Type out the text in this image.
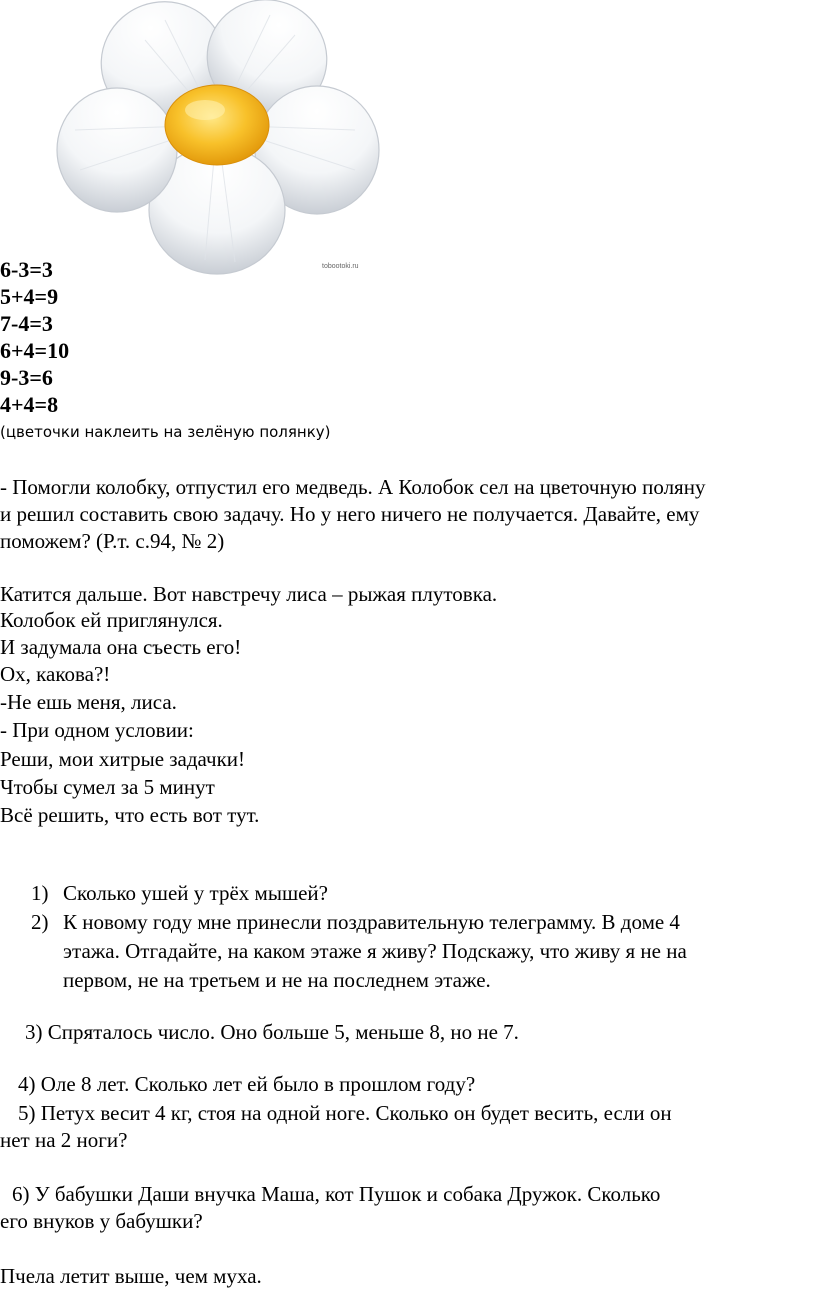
tobootoki.ru
6-3=3
5+4=9
7-4=3
6+4=10
9-3=6
4+4=8
(цветочки наклеить на зелёную полянку)
- Помогли колобку, отпустил его медведь. А Колобок сел на цветочную поляну
и решил составить свою задачу. Но у него ничего не получается. Давайте, ему
поможем? (Р.т. с.94, № 2)
Катится дальше. Вот навстречу лиса – рыжая плутовка.
Колобок ей приглянулся.
И задумала она съесть его!
Ох, какова?!
-Не ешь меня, лиса.
- При одном условии:
Реши, мои хитрые задачки!
Чтобы сумел за 5 минут
Всё решить, что есть вот тут.
1) Сколько ушей у трёх мышей?
2) К новому году мне принесли поздравительную телеграмму. В доме 4
этажа. Отгадайте, на каком этаже я живу? Подскажу, что живу я не на
первом, не на третьем и не на последнем этаже.
3) Спряталось число. Оно больше 5, меньше 8, но не 7.
4) Оле 8 лет. Сколько лет ей было в прошлом году?
5) Петух весит 4 кг, стоя на одной ноге. Сколько он будет весить, если он
нет на 2 ноги?
6) У бабушки Даши внучка Маша, кот Пушок и собака Дружок. Сколько
его внуков у бабушки?
Пчела летит выше, чем муха.
